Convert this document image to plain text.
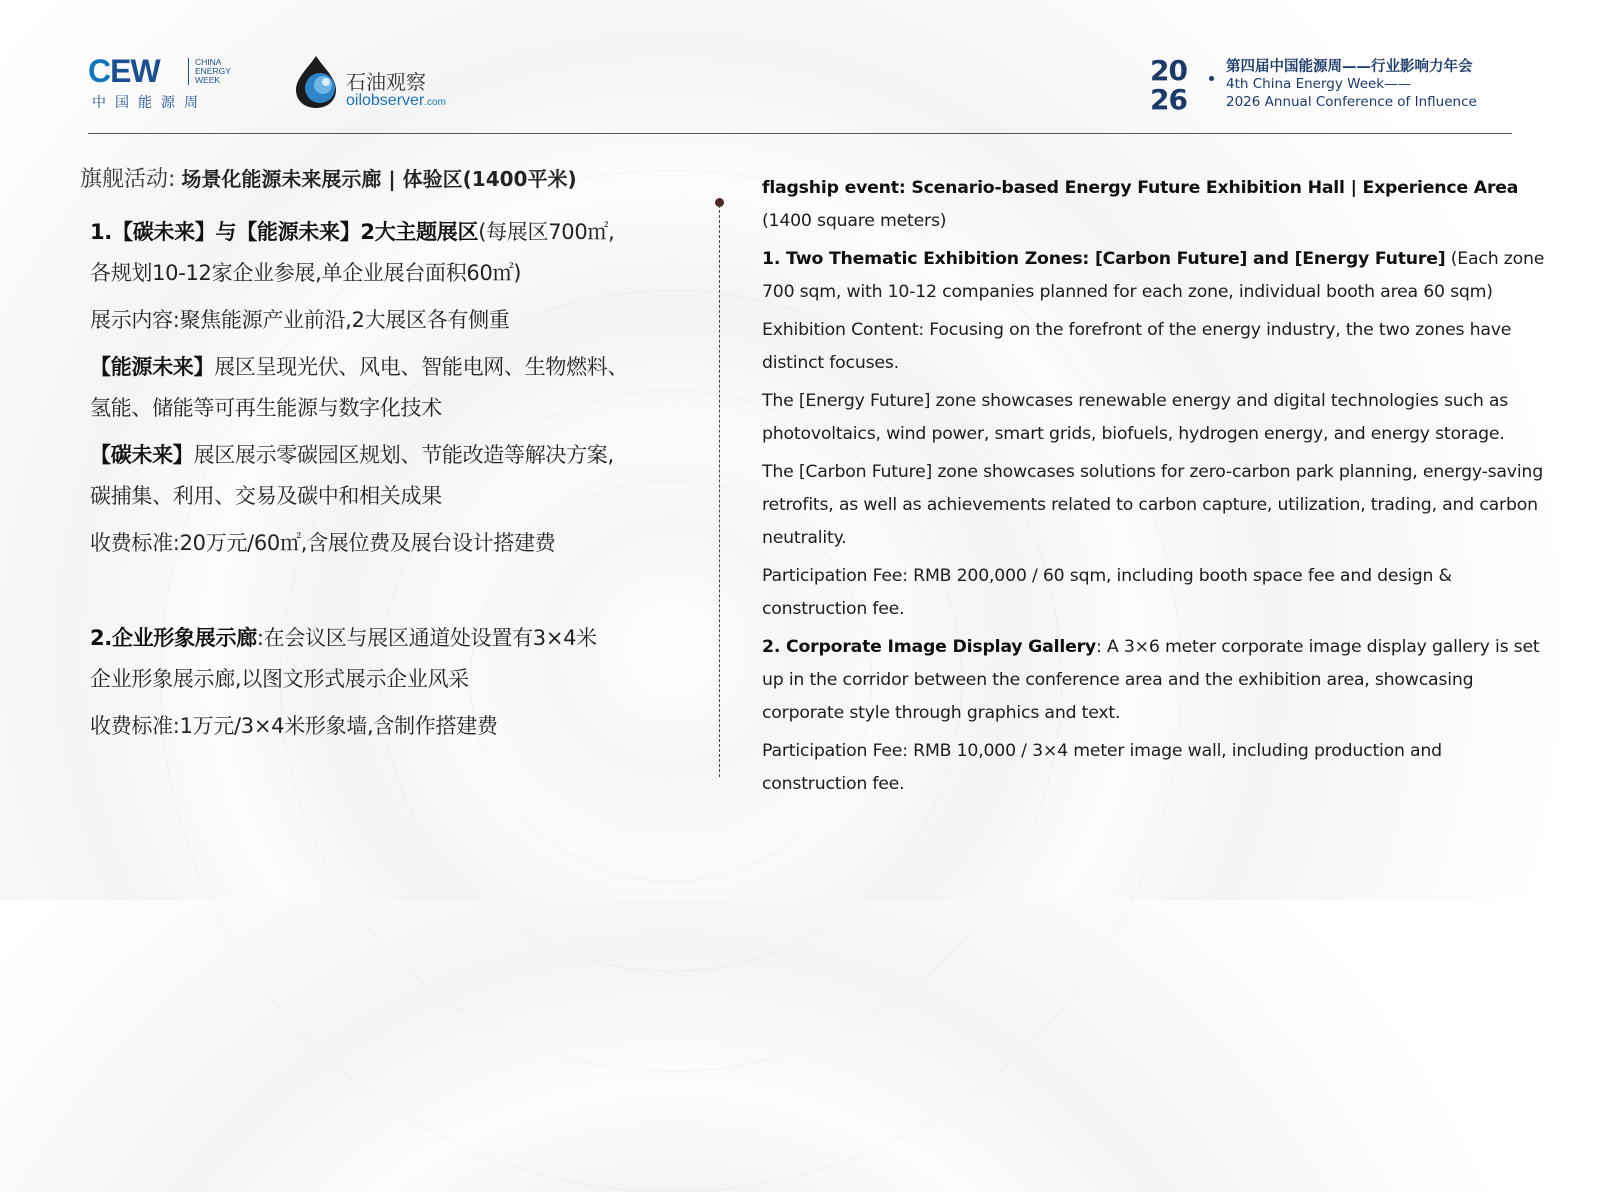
CEW	CHINA ENERGY WEEK
中国能源周
石油观察
oilobserver.com
20
26
第四届中国能源周——行业影响力年会
4th China Energy Week——
2026 Annual Conference of Influence
旗舰活动: 场景化能源未来展示廊 | 体验区(1400平米)

1.【碳未来】与【能源未来】2大主题展区(每展区700㎡,

各规划10-12家企业参展,单企业展台面积60㎡)

展示内容:聚焦能源产业前沿,2大展区各有侧重

【能源未来】展区呈现光伏、风电、智能电网、生物燃料、

氢能、储能等可再生能源与数字化技术

【碳未来】展区展示零碳园区规划、节能改造等解决方案,

碳捕集、利用、交易及碳中和相关成果

收费标准:20万元/60㎡,含展位费及展台设计搭建费

2.企业形象展示廊:在会议区与展区通道处设置有3×4米

企业形象展示廊,以图文形式展示企业风采

收费标准:1万元/3×4米形象墙,含制作搭建费

flagship event: Scenario-based Energy Future Exhibition Hall | Experience Area (1400 square meters)

1. Two Thematic Exhibition Zones: [Carbon Future] and [Energy Future] (Each zone 700 sqm, with 10-12 companies planned for each zone, individual booth area 60 sqm)

Exhibition Content: Focusing on the forefront of the energy industry, the two zones have distinct focuses.

The [Energy Future] zone showcases renewable energy and digital technologies such as photovoltaics, wind power, smart grids, biofuels, hydrogen energy, and energy storage.

The [Carbon Future] zone showcases solutions for zero-carbon park planning, energy-saving retrofits, as well as achievements related to carbon capture, utilization, trading, and carbon neutrality.

Participation Fee: RMB 200,000 / 60 sqm, including booth space fee and design & construction fee.

2. Corporate Image Display Gallery: A 3×6 meter corporate image display gallery is set up in the corridor between the conference area and the exhibition area, showcasing corporate style through graphics and text.

Participation Fee: RMB 10,000 / 3×4 meter image wall, including production and construction fee.
